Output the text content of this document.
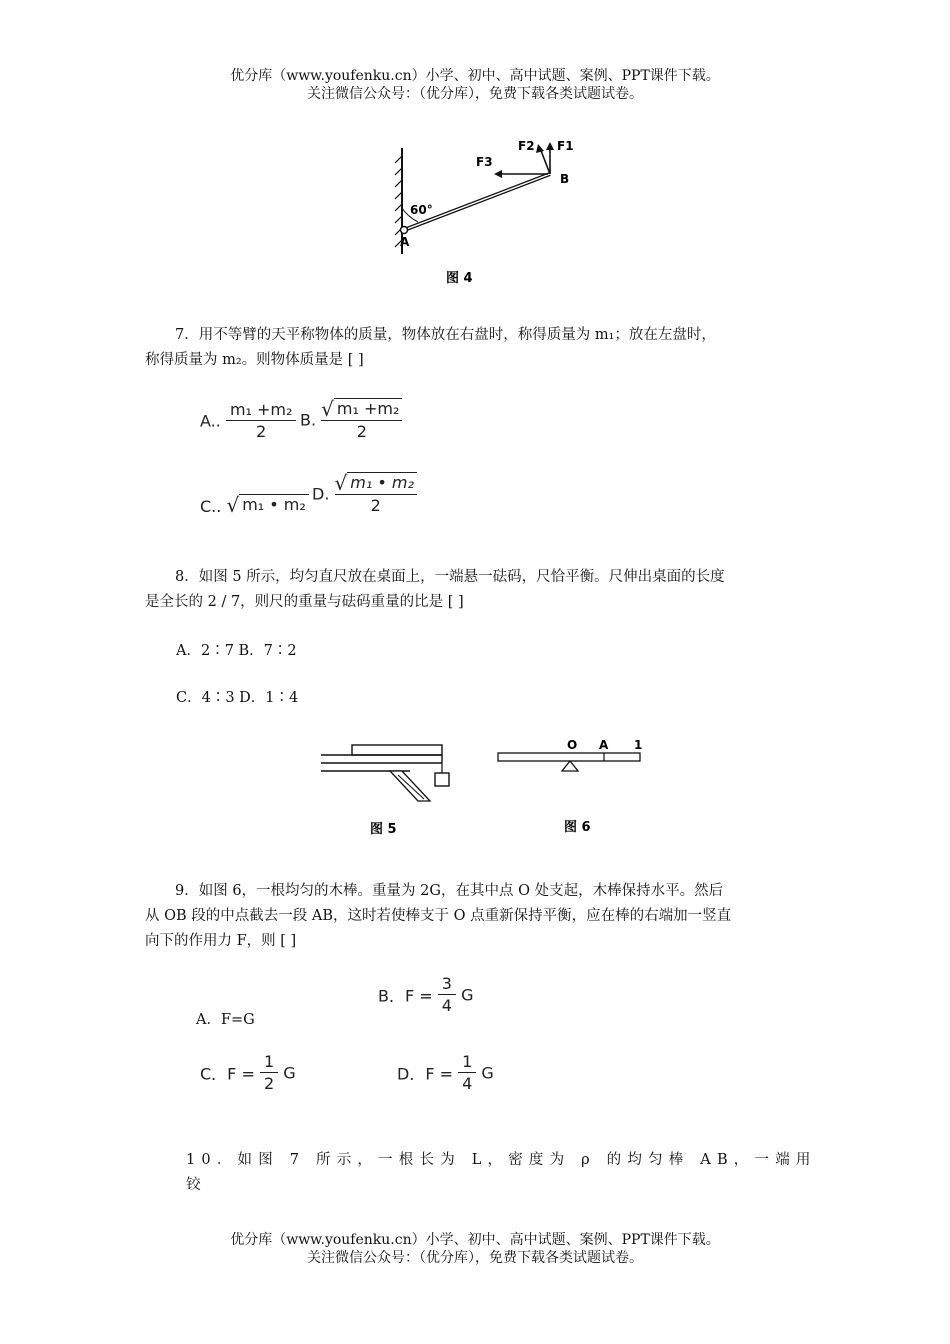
优分库（www.youfenku.cn）小学、初中、高中试题、案例、PPT课件下载。
关注微信公众号：（优分库），免费下载各类试题试卷。
60°
F3
F1
F2
B
A
图 4
7．用不等臂的天平称物体的质量，物体放在右盘时，称得质量为 m₁；放在左盘时，
称得质量为 m₂。则物体质量是 [ ]
A.. $\frac{\text{m₁ +m₂}}{2} B$. $\frac{\text{√ m₁ +m₂}}{2}$
C.. √ m₁ • m₂
D. $\frac{\text{√ m₁ • m₂}}{2}$
8．如图 5 所示，均匀直尺放在桌面上，一端悬一砝码，尺恰平衡。尺伸出桌面的长度
是全长的 2 / 7，则尺的重量与砝码重量的比是 [ ]
A．2∶7 B．7∶2
C．4∶3 D．1∶4
图 5
O A 1
图 6
9．如图 6，一根均匀的木棒。重量为 2G，在其中点 O 处支起，木棒保持水平。然后
从 OB 段的中点截去一段 AB，这时若使棒支于 O 点重新保持平衡，应在棒的右端加一竖直
向下的作用力 F，则 [ ]
A．F=G
B．$F = \frac{3}{4}$ G
C．$F = \frac{1}{2}$ G	D．$F = \frac{1}{4}$ G
10．如图 7 所示，一根长为 L，密度为 ρ 的均匀棒 AB，一端用铰
优分库（www.youfenku.cn）小学、初中、高中试题、案例、PPT课件下载。
关注微信公众号：（优分库），免费下载各类试题试卷。
